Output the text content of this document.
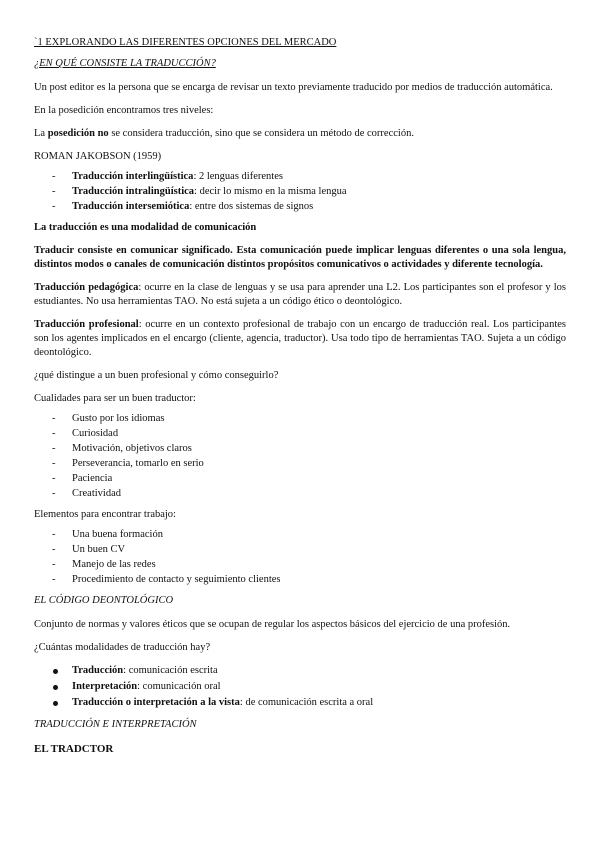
`1 EXPLORANDO LAS DIFERENTES OPCIONES DEL MERCADO

¿EN QUÉ CONSISTE LA TRADUCCIÓN?

Un post editor es la persona que se encarga de revisar un texto previamente traducido por medios de traducción automática.

En la posedición encontramos tres niveles:

La posedición no se considera traducción, sino que se considera un método de corrección.

ROMAN JAKOBSON (1959)

- Traducción interlingüística: 2 lenguas diferentes
- Traducción intralingüística: decir lo mismo en la misma lengua
- Traducción intersemiótica: entre dos sistemas de signos

La traducción es una modalidad de comunicación

Traducir consiste en comunicar significado. Esta comunicación puede implicar lenguas diferentes o una sola lengua, distintos modos o canales de comunicación distintos propósitos comunicativos o actividades y diferente tecnología.

Traducción pedagógica: ocurre en la clase de lenguas y se usa para aprender una L2. Los participantes son el profesor y los estudiantes. No usa herramientas TAO. No está sujeta a un código ético o deontológico.

Traducción profesional: ocurre en un contexto profesional de trabajo con un encargo de traducción real. Los participantes son los agentes implicados en el encargo (cliente, agencia, traductor). Usa todo tipo de herramientas TAO. Sujeta a un código deontológico.

¿qué distingue a un buen profesional y cómo conseguirlo?

Cualidades para ser un buen traductor:

- Gusto por los idiomas
- Curiosidad
- Motivación, objetivos claros
- Perseverancia, tomarlo en serio
- Paciencia
- Creatividad

Elementos para encontrar trabajo:

- Una buena formación
- Un buen CV
- Manejo de las redes
- Procedimiento de contacto y seguimiento clientes

EL CÓDIGO DEONTOLÓGICO

Conjunto de normas y valores éticos que se ocupan de regular los aspectos básicos del ejercicio de una profesión.

¿Cuántas modalidades de traducción hay?

Traducción: comunicación escrita
Interpretación: comunicación oral
Traducción o interpretación a la vista: de comunicación escrita a oral

TRADUCCIÓN E INTERPRETACIÓN

EL TRADCTOR
